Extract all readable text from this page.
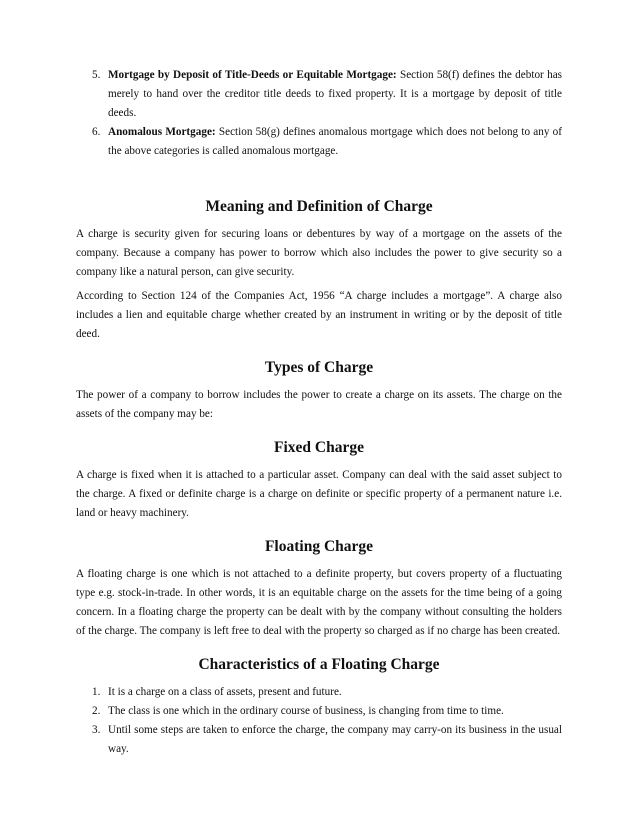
5. Mortgage by Deposit of Title-Deeds or Equitable Mortgage: Section 58(f) defines the debtor has merely to hand over the creditor title deeds to fixed property. It is a mortgage by deposit of title deeds.
6. Anomalous Mortgage: Section 58(g) defines anomalous mortgage which does not belong to any of the above categories is called anomalous mortgage.
Meaning and Definition of Charge

A charge is security given for securing loans or debentures by way of a mortgage on the assets of the company. Because a company has power to borrow which also includes the power to give security so a company like a natural person, can give security.

According to Section 124 of the Companies Act, 1956 “A charge includes a mortgage”. A charge also includes a lien and equitable charge whether created by an instrument in writing or by the deposit of title deed.

Types of Charge

The power of a company to borrow includes the power to create a charge on its assets. The charge on the assets of the company may be:

Fixed Charge

A charge is fixed when it is attached to a particular asset. Company can deal with the said asset subject to the charge. A fixed or definite charge is a charge on definite or specific property of a permanent nature i.e. land or heavy machinery.

Floating Charge

A floating charge is one which is not attached to a definite property, but covers property of a fluctuating type e.g. stock-in-trade. In other words, it is an equitable charge on the assets for the time being of a going concern. In a floating charge the property can be dealt with by the company without consulting the holders of the charge. The company is left free to deal with the property so charged as if no charge has been created.

Characteristics of a Floating Charge
1. It is a charge on a class of assets, present and future.
2. The class is one which in the ordinary course of business, is changing from time to time.
3. Until some steps are taken to enforce the charge, the company may carry-on its business in the usual way.
